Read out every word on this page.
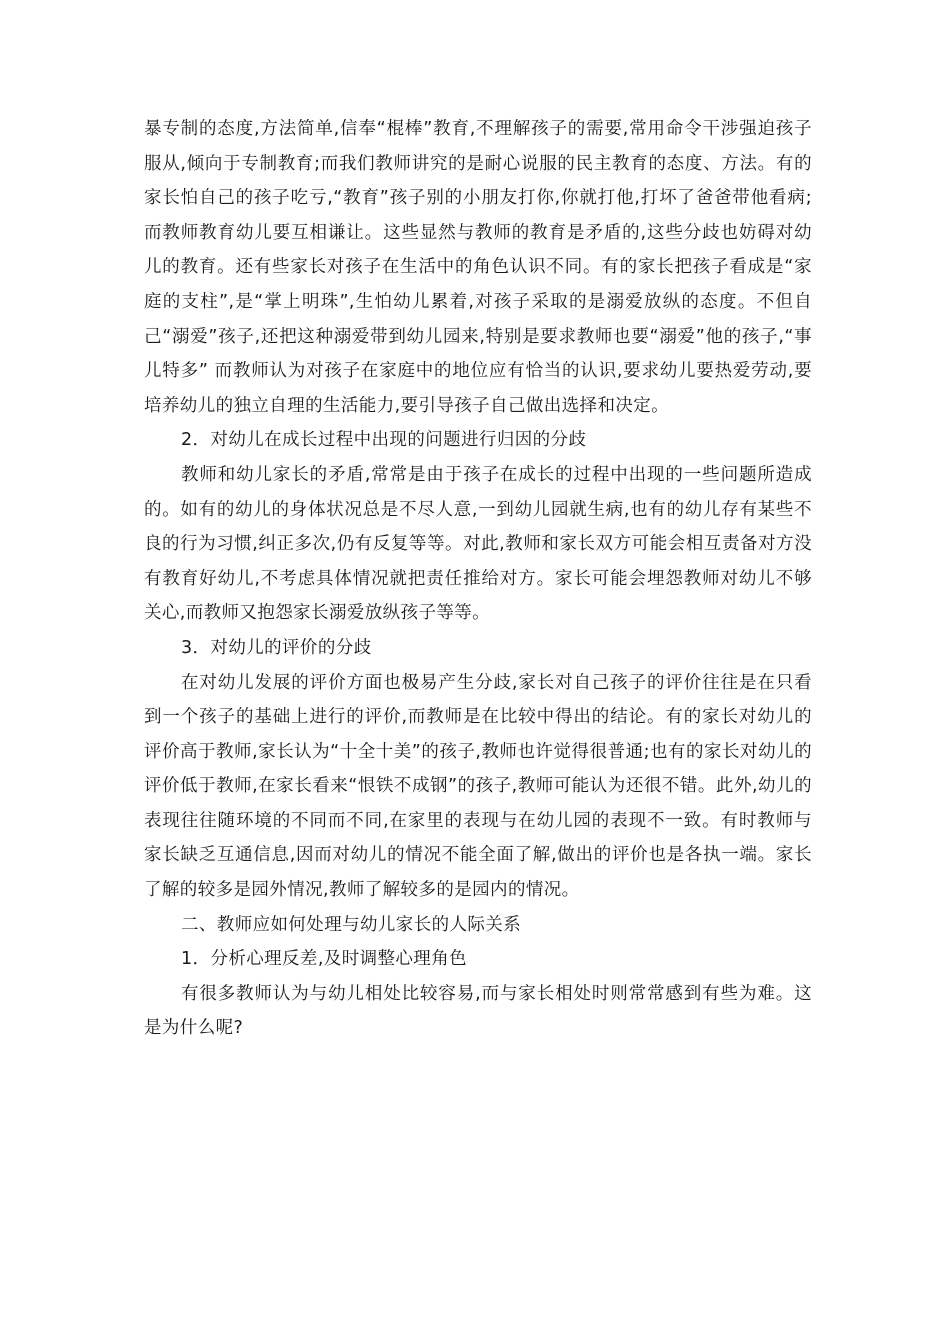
暴专制的态度,方法简单,信奉“棍棒”教育,不理解孩子的需要,常用命令干涉强迫孩子服从,倾向于专制教育;而我们教师讲究的是耐心说服的民主教育的态度、方法。有的家长怕自己的孩子吃亏,“教育”孩子别的小朋友打你,你就打他,打坏了爸爸带他看病;而教师教育幼儿要互相谦让。这些显然与教师的教育是矛盾的,这些分歧也妨碍对幼儿的教育。还有些家长对孩子在生活中的角色认识不同。有的家长把孩子看成是“家庭的支柱”,是“掌上明珠”,生怕幼儿累着,对孩子采取的是溺爱放纵的态度。不但自己“溺爱”孩子,还把这种溺爱带到幼儿园来,特别是要求教师也要“溺爱”他的孩子,“事儿特多” 而教师认为对孩子在家庭中的地位应有恰当的认识,要求幼儿要热爱劳动,要培养幼儿的独立自理的生活能力,要引导孩子自己做出选择和决定。

2．对幼儿在成长过程中出现的问题进行归因的分歧

教师和幼儿家长的矛盾,常常是由于孩子在成长的过程中出现的一些问题所造成的。如有的幼儿的身体状况总是不尽人意,一到幼儿园就生病,也有的幼儿存有某些不良的行为习惯,纠正多次,仍有反复等等。对此,教师和家长双方可能会相互责备对方没有教育好幼儿,不考虑具体情况就把责任推给对方。家长可能会埋怨教师对幼儿不够关心,而教师又抱怨家长溺爱放纵孩子等等。

3．对幼儿的评价的分歧

在对幼儿发展的评价方面也极易产生分歧,家长对自己孩子的评价往往是在只看到一个孩子的基础上进行的评价,而教师是在比较中得出的结论。有的家长对幼儿的评价高于教师,家长认为“十全十美”的孩子,教师也许觉得很普通;也有的家长对幼儿的评价低于教师,在家长看来“恨铁不成钢”的孩子,教师可能认为还很不错。此外,幼儿的表现往往随环境的不同而不同,在家里的表现与在幼儿园的表现不一致。有时教师与家长缺乏互通信息,因而对幼儿的情况不能全面了解,做出的评价也是各执一端。家长了解的较多是园外情况,教师了解较多的是园内的情况。

二、教师应如何处理与幼儿家长的人际关系

1．分析心理反差,及时调整心理角色

有很多教师认为与幼儿相处比较容易,而与家长相处时则常常感到有些为难。这是为什么呢?
